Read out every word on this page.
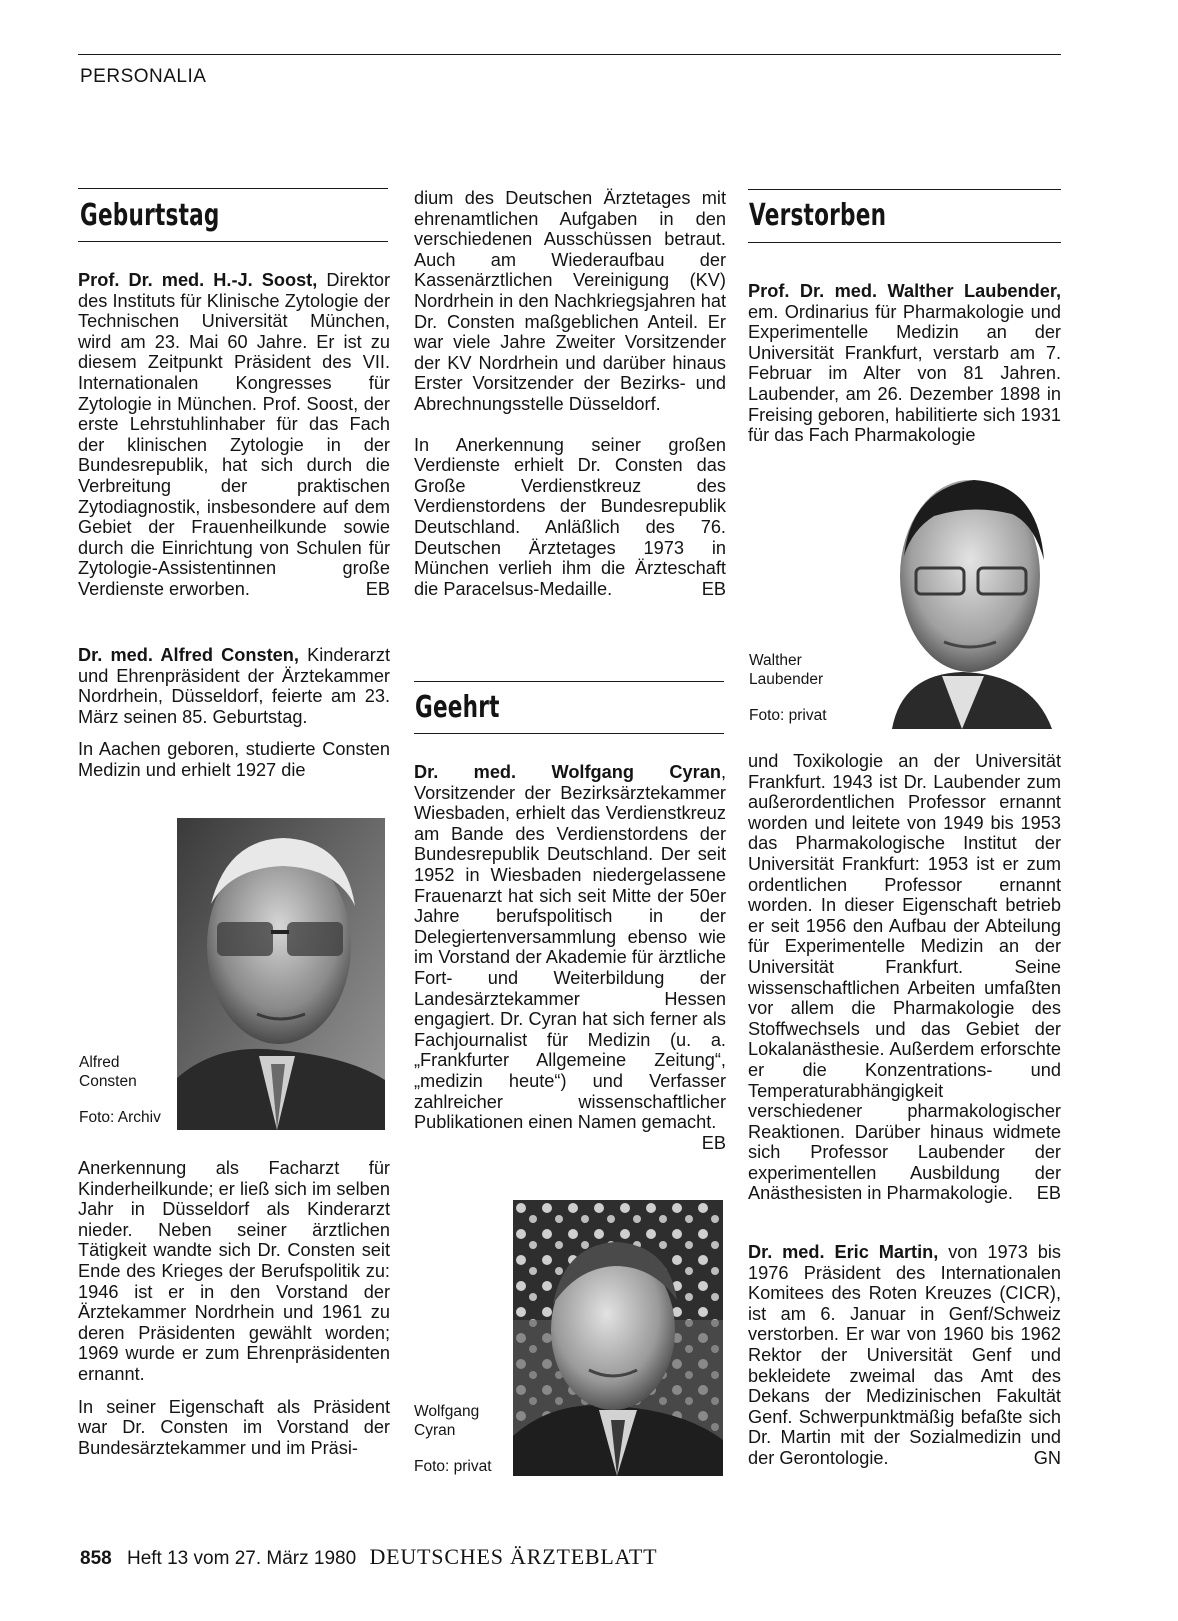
PERSONALIA
Geburtstag

Prof. Dr. med. H.-J. Soost, Direktor des Instituts für Klinische Zytologie der Technischen Universität München, wird am 23. Mai 60 Jahre. Er ist zu diesem Zeitpunkt Präsident des VII. Internationalen Kongresses für Zytologie in München. Prof. Soost, der erste Lehrstuhlinhaber für das Fach der klinischen Zytologie in der Bundesrepublik, hat sich durch die Verbreitung der praktischen Zytodiagnostik, insbesondere auf dem Gebiet der Frauenheilkunde sowie durch die Einrichtung von Schulen für Zytologie-Assistentinnen große Verdienste erworben.	EB

Dr. med. Alfred Consten, Kinderarzt und Ehrenpräsident der Ärztekammer Nordrhein, Düsseldorf, feierte am 23. März seinen 85. Geburtstag.

In Aachen geboren, studierte Consten Medizin und erhielt 1927 die

Alfred
Consten
Foto: Archiv

Anerkennung als Facharzt für Kinderheilkunde; er ließ sich im selben Jahr in Düsseldorf als Kinderarzt nieder. Neben seiner ärztlichen Tätigkeit wandte sich Dr. Consten seit Ende des Krieges der Berufspolitik zu: 1946 ist er in den Vorstand der Ärztekammer Nordrhein und 1961 zu deren Präsidenten gewählt worden; 1969 wurde er zum Ehrenpräsidenten ernannt.

In seiner Eigenschaft als Präsident war Dr. Consten im Vorstand der Bundesärztekammer und im Präsi-

dium des Deutschen Ärztetages mit ehrenamtlichen Aufgaben in den verschiedenen Ausschüssen betraut. Auch am Wiederaufbau der Kassenärztlichen Vereinigung (KV) Nordrhein in den Nachkriegsjahren hat Dr. Consten maßgeblichen Anteil. Er war viele Jahre Zweiter Vorsitzender der KV Nordrhein und darüber hinaus Erster Vorsitzender der Bezirks- und Abrechnungsstelle Düsseldorf.

In Anerkennung seiner großen Verdienste erhielt Dr. Consten das Große Verdienstkreuz des Verdienstordens der Bundesrepublik Deutschland. Anläßlich des 76. Deutschen Ärztetages 1973 in München verlieh ihm die Ärzteschaft die Paracelsus-Medaille.	EB

Geehrt

Dr. med. Wolfgang Cyran, Vorsitzender der Bezirksärztekammer Wiesbaden, erhielt das Verdienstkreuz am Bande des Verdienstordens der Bundesrepublik Deutschland. Der seit 1952 in Wiesbaden niedergelassene Frauenarzt hat sich seit Mitte der 50er Jahre berufspolitisch in der Delegiertenversammlung ebenso wie im Vorstand der Akademie für ärztliche Fort- und Weiterbildung der Landesärztekammer Hessen engagiert. Dr. Cyran hat sich ferner als Fachjournalist für Medizin (u. a. „Frankfurter Allgemeine Zeitung“, „medizin heute“) und Verfasser zahlreicher wissenschaftlicher Publikationen einen Namen gemacht.
EB

Wolfgang
Cyran
Foto: privat
Verstorben

Prof. Dr. med. Walther Laubender, em. Ordinarius für Pharmakologie und Experimentelle Medizin an der Universität Frankfurt, verstarb am 7. Februar im Alter von 81 Jahren. Laubender, am 26. Dezember 1898 in Freising geboren, habilitierte sich 1931 für das Fach Pharmakologie

Walther
Laubender
Foto: privat

und Toxikologie an der Universität Frankfurt. 1943 ist Dr. Laubender zum außerordentlichen Professor ernannt worden und leitete von 1949 bis 1953 das Pharmakologische Institut der Universität Frankfurt: 1953 ist er zum ordentlichen Professor ernannt worden. In dieser Eigenschaft betrieb er seit 1956 den Aufbau der Abteilung für Experimentelle Medizin an der Universität Frankfurt. Seine wissenschaftlichen Arbeiten umfaßten vor allem die Pharmakologie des Stoffwechsels und das Gebiet der Lokalanästhesie. Außerdem erforschte er die Konzentrations- und Temperaturabhängigkeit verschiedener pharmakologischer Reaktionen. Darüber hinaus widmete sich Professor Laubender der experimentellen Ausbildung der Anästhesisten in Pharmakologie. EB

Dr. med. Eric Martin, von 1973 bis 1976 Präsident des Internationalen Komitees des Roten Kreuzes (CICR), ist am 6. Januar in Genf/Schweiz verstorben. Er war von 1960 bis 1962 Rektor der Universität Genf und bekleidete zweimal das Amt des Dekans der Medizinischen Fakultät Genf. Schwerpunktmäßig befaßte sich Dr. Martin mit der Sozialmedizin und der Gerontologie.	GN

858 Heft 13 vom 27. März 1980 DEUTSCHES ÄRZTEBLATT
